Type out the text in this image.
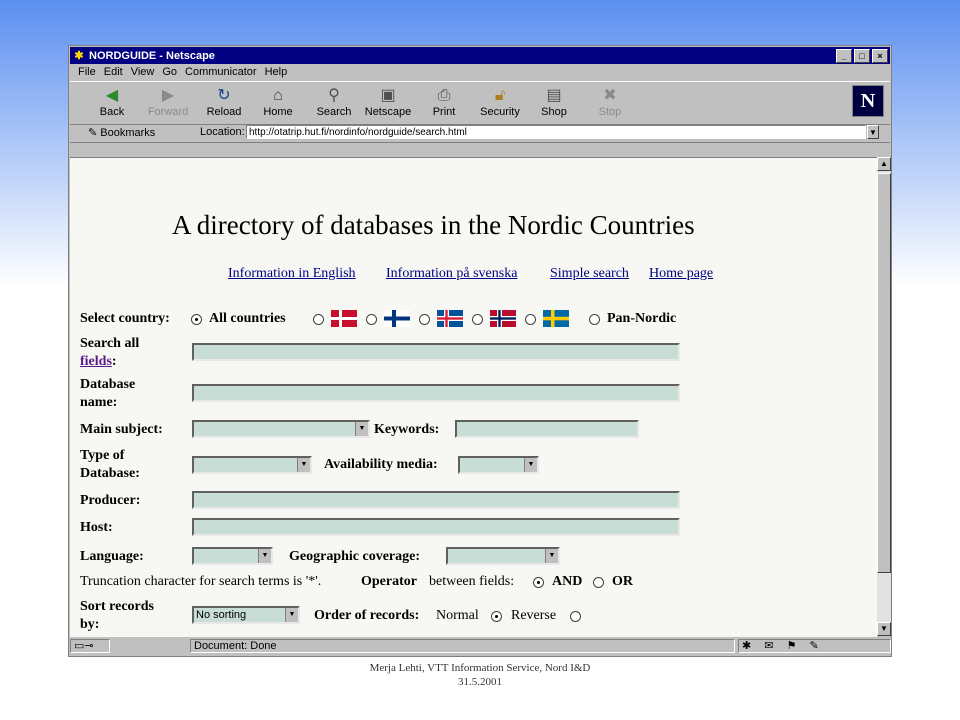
✱ NORDGUIDE - Netscape	_	□	×
File Edit View Go Communicator Help
◀
Back
▶
Forward
↻
Reload
⌂
Home
⚲
Search
▣
Netscape
⎙
Print
🔓︎
Security
▤
Shop
✖
Stop	N
✎ Bookmarks	Location: http://otatrip.hut.fi/nordinfo/nordguide/search.html	▼
A directory of databases in the Nordic Countries
Information in English Information på svenska Simple search Home page
Select country:	All countries	Pan-Nordic
Search all
fields:
Database
name:
Main subject:	▼ Keywords:
Type of
Database:
▼ Availability media:	▼
Producer:
Host:
Language:	▼ Geographic coverage:	▼
Truncation character for search terms is '*'.	Operator between fields:	AND OR
Sort records
by:
No sorting	▼ Order of records: Normal Reverse
▲
▼
▭⊸	Document: Done	✱ ✉ ⚑ ✎
Merja Lehti, VTT Information Service, Nord I&D
31.5.2001
